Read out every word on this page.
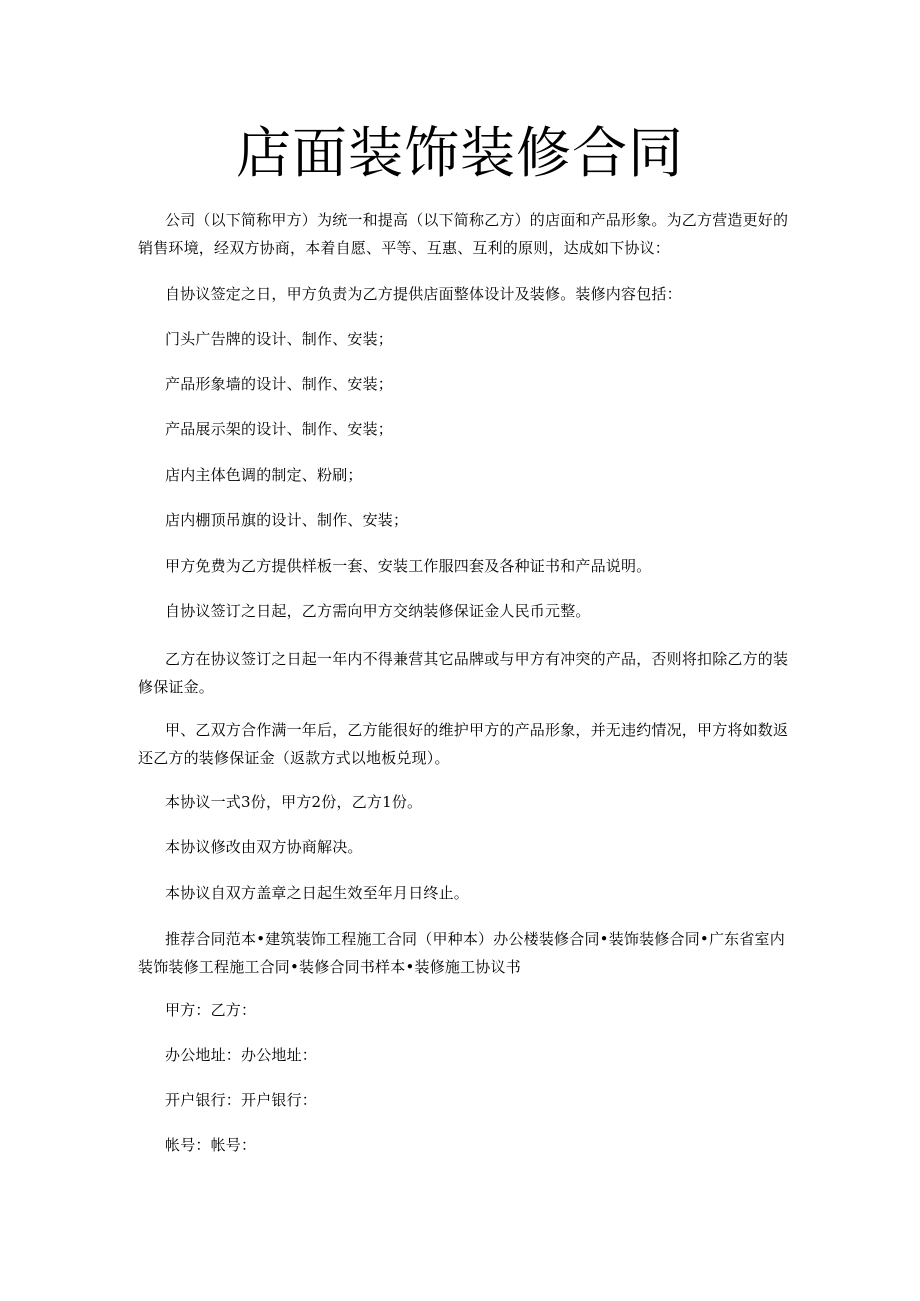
店面装饰装修合同

公司（以下简称甲方）为统一和提高（以下简称乙方）的店面和产品形象。为乙方营造更好的销售环境，经双方协商，本着自愿、平等、互惠、互利的原则，达成如下协议：

自协议签定之日，甲方负责为乙方提供店面整体设计及装修。装修内容包括：

门头广告牌的设计、制作、安装；

产品形象墙的设计、制作、安装；

产品展示架的设计、制作、安装；

店内主体色调的制定、粉刷；

店内棚顶吊旗的设计、制作、安装；

甲方免费为乙方提供样板一套、安装工作服四套及各种证书和产品说明。

自协议签订之日起，乙方需向甲方交纳装修保证金人民币元整。

乙方在协议签订之日起一年内不得兼营其它品牌或与甲方有冲突的产品，否则将扣除乙方的装修保证金。

甲、乙双方合作满一年后，乙方能很好的维护甲方的产品形象，并无违约情况，甲方将如数返还乙方的装修保证金（返款方式以地板兑现）。

本协议一式3份，甲方2份，乙方1份。

本协议修改由双方协商解决。

本协议自双方盖章之日起生效至年月日终止。

推荐合同范本•建筑装饰工程施工合同（甲种本）办公楼装修合同•装饰装修合同•广东省室内装饰装修工程施工合同•装修合同书样本•装修施工协议书

甲方：乙方：

办公地址：办公地址：

开户银行：开户银行：

帐号：帐号：
